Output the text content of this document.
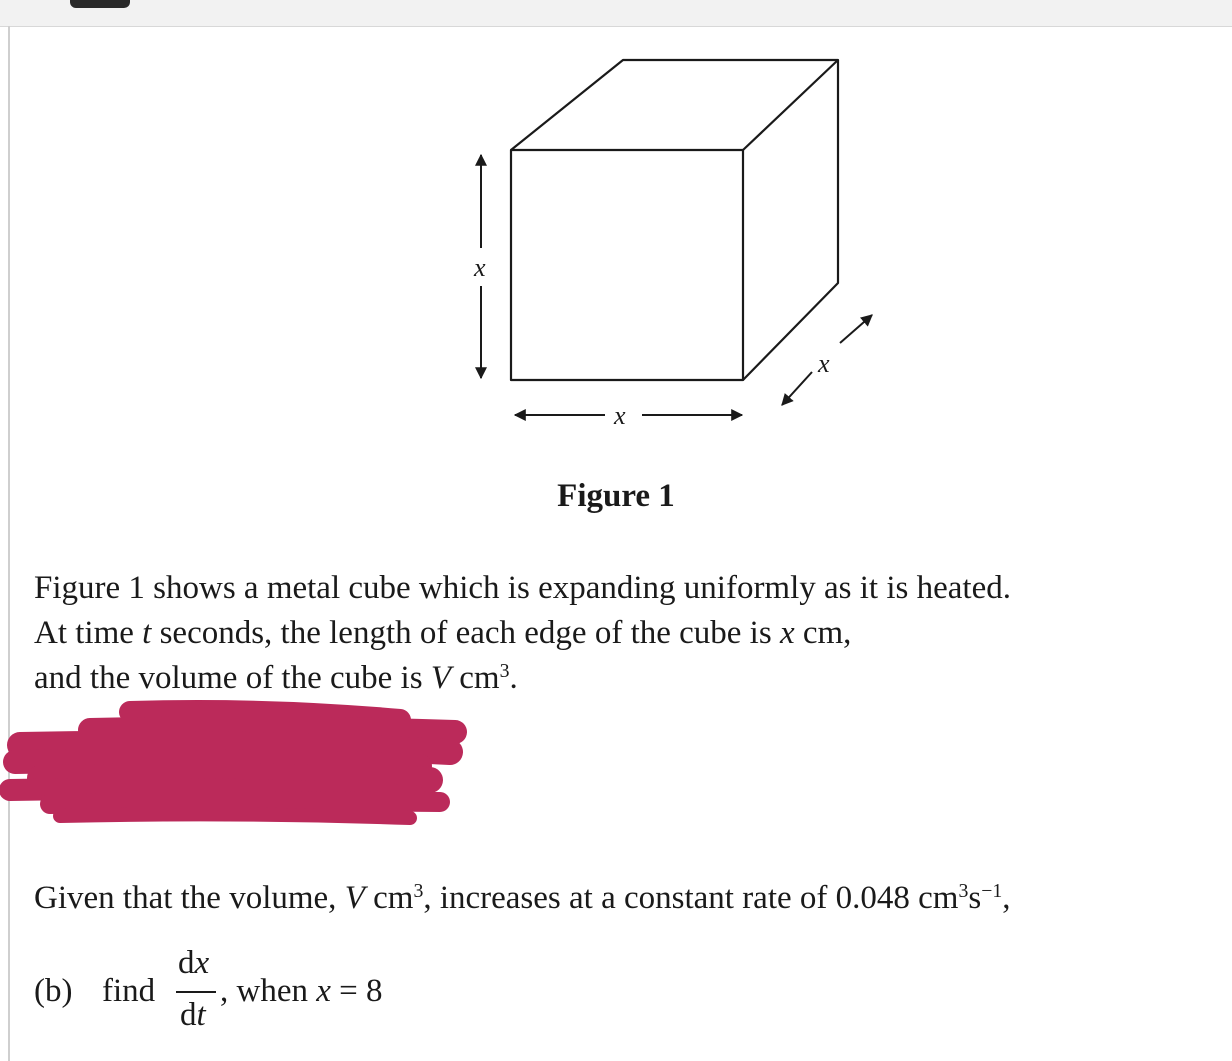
x
x
x
Figure 1
Figure 1 shows a metal cube which is expanding uniformly as it is heated.
At time t seconds, the length of each edge of the cube is x cm,
and the volume of the cube is V $cm^3$.
Given that the volume, V $cm^3$, increases at a constant rate of 0.048 $cm^3s^{-1}$,
(b) find
dx
dt
, when x = 8
